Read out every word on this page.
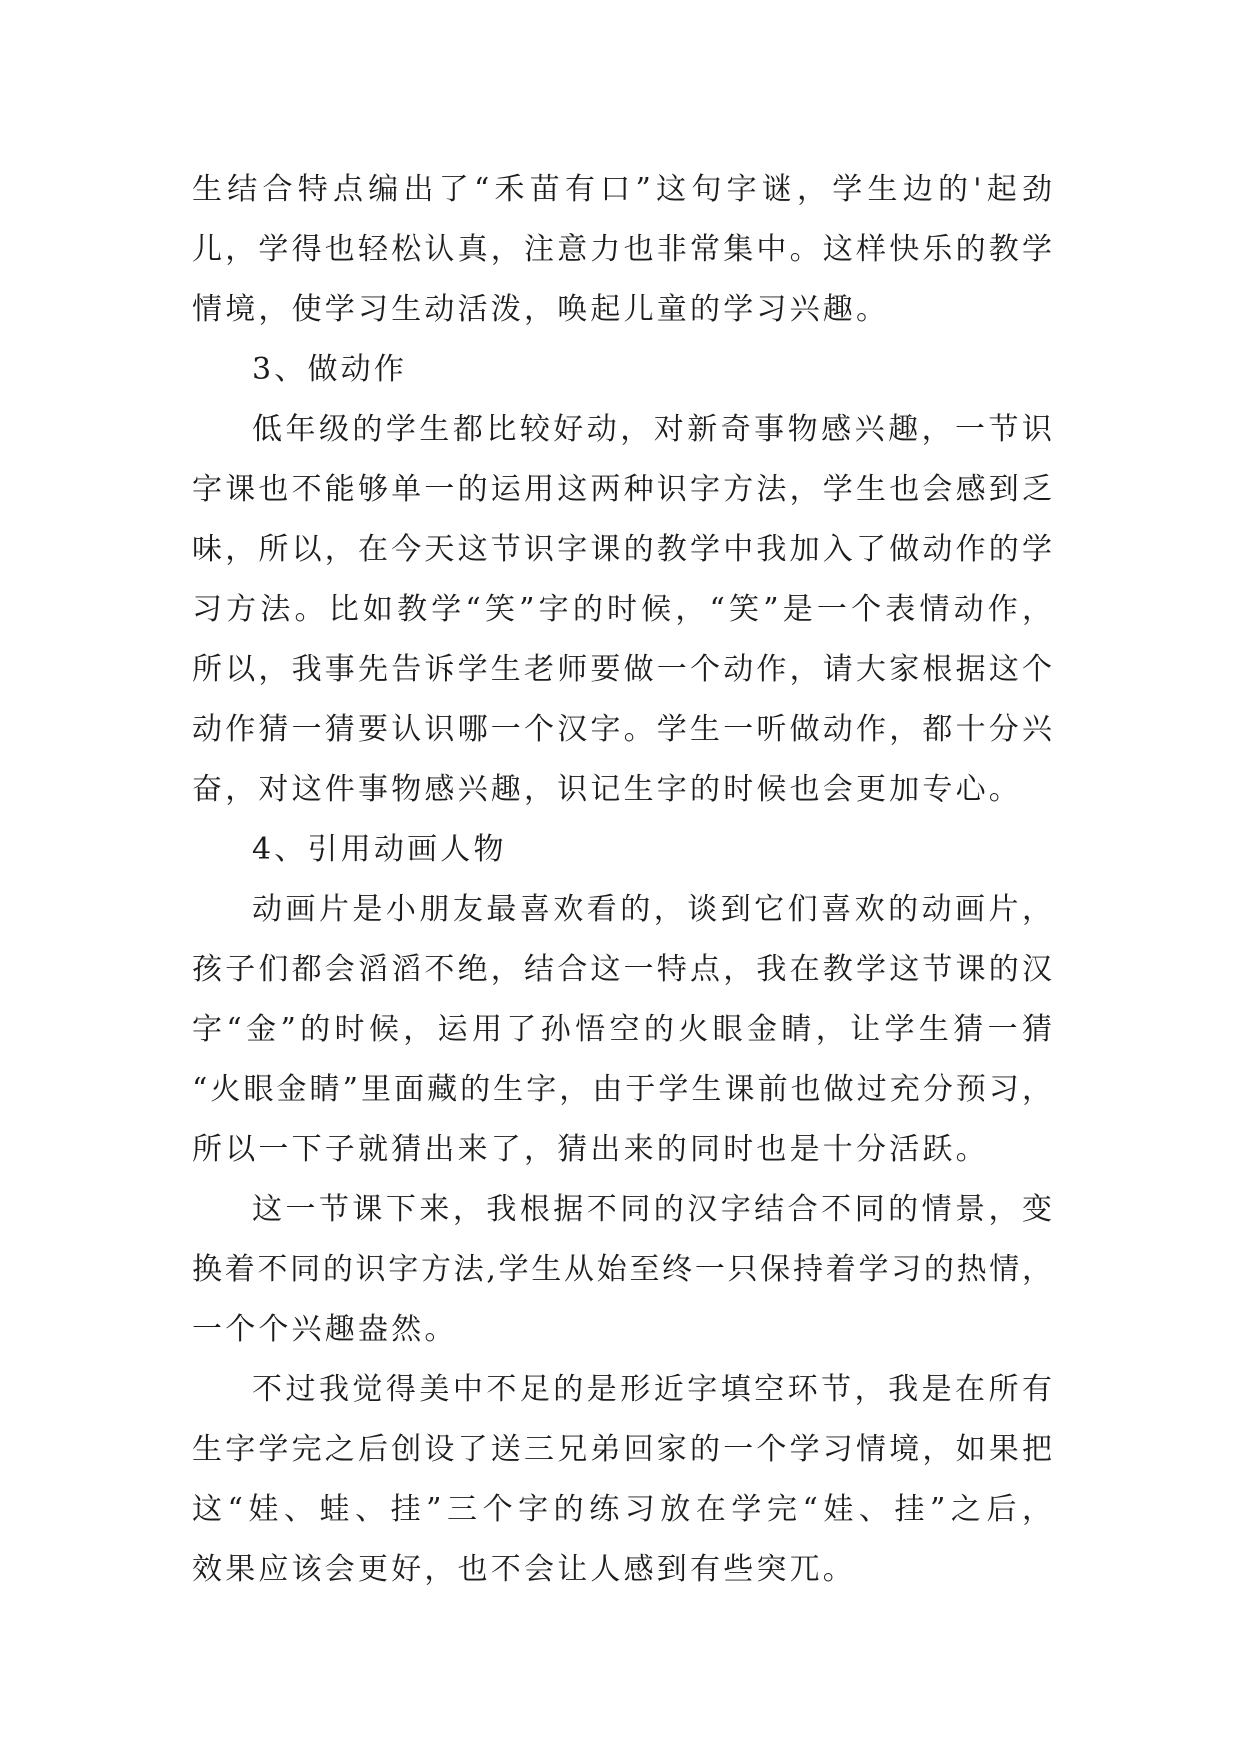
生结合特点编出了“禾苗有口”这句字谜，学生边的'起劲
儿，学得也轻松认真，注意力也非常集中。这样快乐的教学
情境，使学习生动活泼，唤起儿童的学习兴趣。
3、做动作
低年级的学生都比较好动，对新奇事物感兴趣，一节识
字课也不能够单一的运用这两种识字方法，学生也会感到乏
味，所以，在今天这节识字课的教学中我加入了做动作的学
习方法。比如教学“笑”字的时候，“笑”是一个表情动作，
所以，我事先告诉学生老师要做一个动作，请大家根据这个
动作猜一猜要认识哪一个汉字。学生一听做动作，都十分兴
奋，对这件事物感兴趣，识记生字的时候也会更加专心。
4、引用动画人物
动画片是小朋友最喜欢看的，谈到它们喜欢的动画片，
孩子们都会滔滔不绝，结合这一特点，我在教学这节课的汉
字“金”的时候，运用了孙悟空的火眼金睛，让学生猜一猜
“火眼金睛”里面藏的生字，由于学生课前也做过充分预习，
所以一下子就猜出来了，猜出来的同时也是十分活跃。
这一节课下来，我根据不同的汉字结合不同的情景，变
换着不同的识字方法,学生从始至终一只保持着学习的热情，
一个个兴趣盎然。
不过我觉得美中不足的是形近字填空环节，我是在所有
生字学完之后创设了送三兄弟回家的一个学习情境，如果把
这“娃、蛙、挂”三个字的练习放在学完“娃、挂”之后，
效果应该会更好，也不会让人感到有些突兀。
